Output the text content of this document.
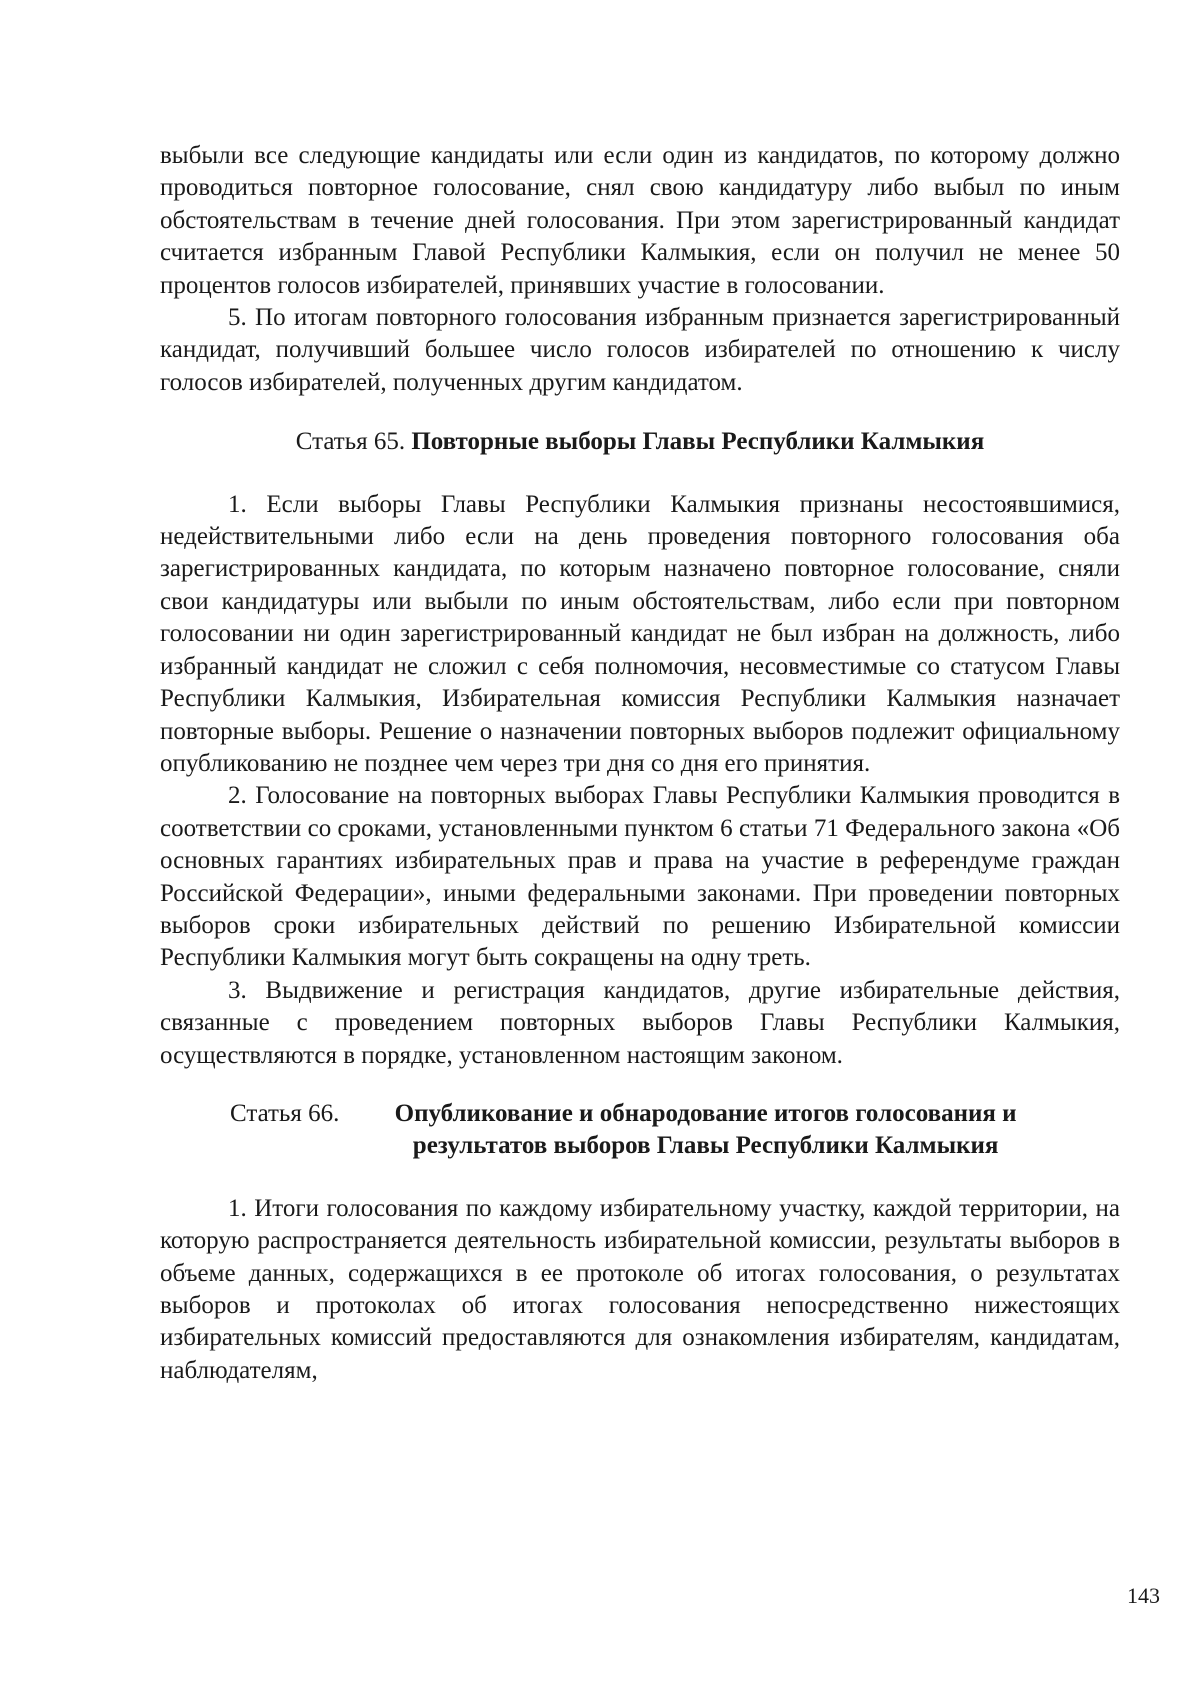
выбыли все следующие кандидаты или если один из кандидатов, по которому должно проводиться повторное голосование, снял свою кандидатуру либо выбыл по иным обстоятельствам в течение дней голосования. При этом зарегистрированный кандидат считается избранным Главой Республики Калмыкия, если он получил не менее 50 процентов голосов избирателей, принявших участие в голосовании.

5. По итогам повторного голосования избранным признается зарегистрированный кандидат, получивший большее число голосов избирателей по отношению к числу голосов избирателей, полученных другим кандидатом.

Статья 65. Повторные выборы Главы Республики Калмыкия

1. Если выборы Главы Республики Калмыкия признаны несостоявшимися, недействительными либо если на день проведения повторного голосования оба зарегистрированных кандидата, по которым назначено повторное голосование, сняли свои кандидатуры или выбыли по иным обстоятельствам, либо если при повторном голосовании ни один зарегистрированный кандидат не был избран на должность, либо избранный кандидат не сложил с себя полномочия, несовместимые со статусом Главы Республики Калмыкия, Избирательная комиссия Республики Калмыкия назначает повторные выборы. Решение о назначении повторных выборов подлежит официальному опубликованию не позднее чем через три дня со дня его принятия.

2. Голосование на повторных выборах Главы Республики Калмыкия проводится в соответствии со сроками, установленными пунктом 6 статьи 71 Федерального закона «Об основных гарантиях избирательных прав и права на участие в референдуме граждан Российской Федерации», иными федеральными законами. При проведении повторных выборов сроки избирательных действий по решению Избирательной комиссии Республики Калмыкия могут быть сокращены на одну треть.

3. Выдвижение и регистрация кандидатов, другие избирательные действия, связанные с проведением повторных выборов Главы Республики Калмыкия, осуществляются в порядке, установленном настоящим законом.

Статья 66. Опубликование и обнародование итогов голосования и результатов выборов Главы Республики Калмыкия

1. Итоги голосования по каждому избирательному участку, каждой территории, на которую распространяется деятельность избирательной комиссии, результаты выборов в объеме данных, содержащихся в ее протоколе об итогах голосования, о результатах выборов и протоколах об итогах голосования непосредственно нижестоящих избирательных комиссий предоставляются для ознакомления избирателям, кандидатам, наблюдателям,

143
